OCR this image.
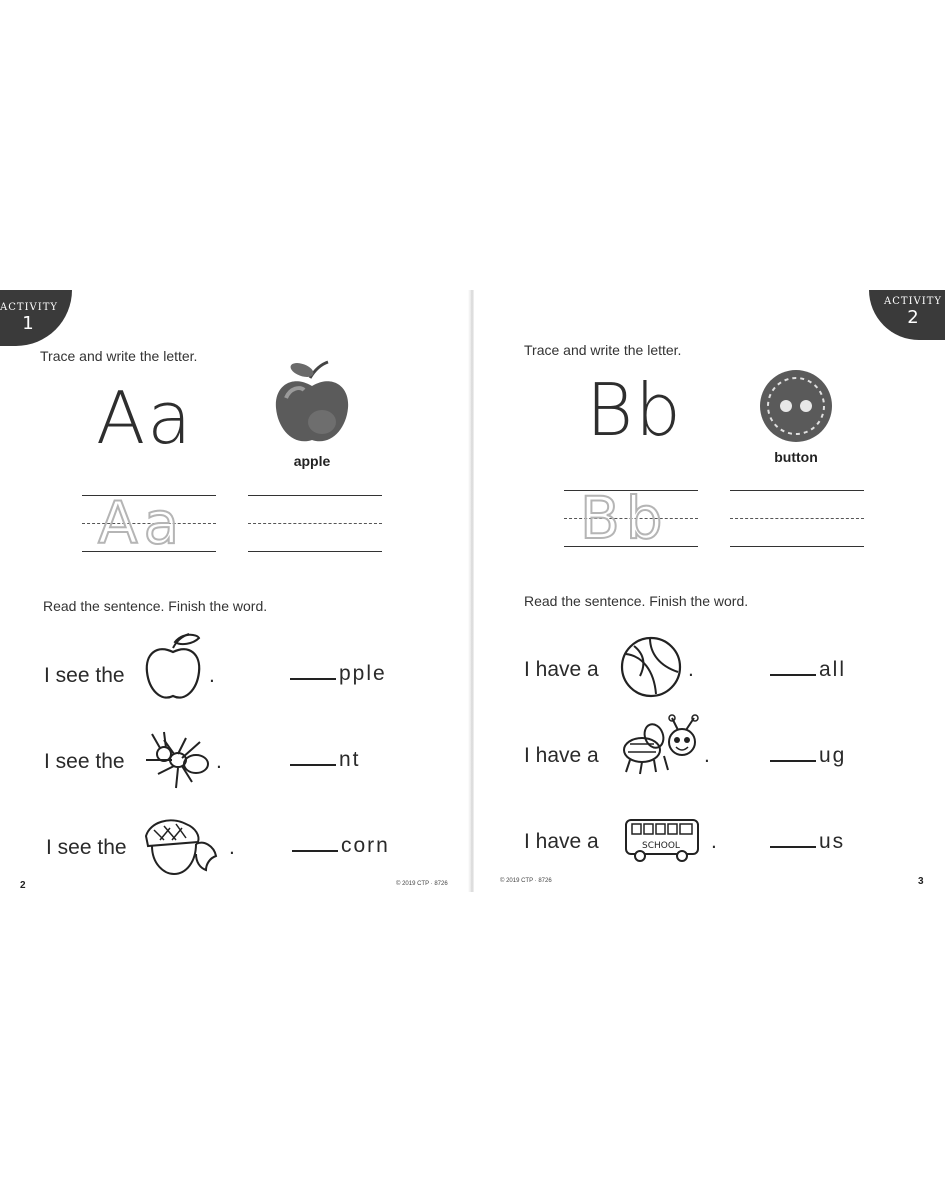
ACTIVITY
1
Trace and write the letter.
Aa
apple
Aa
Read the sentence. Finish the word.
I see the	.	pple
I see the	.	nt
I see the	.	corn
2	© 2019 CTP · 8726
ACTIVITY
2
Trace and write the letter.
Bb
button
Bb
Read the sentence. Finish the word.
I have a	.	all
I have a	.	ug
I have a	SCHOOL .	us
© 2019 CTP · 8726	3
